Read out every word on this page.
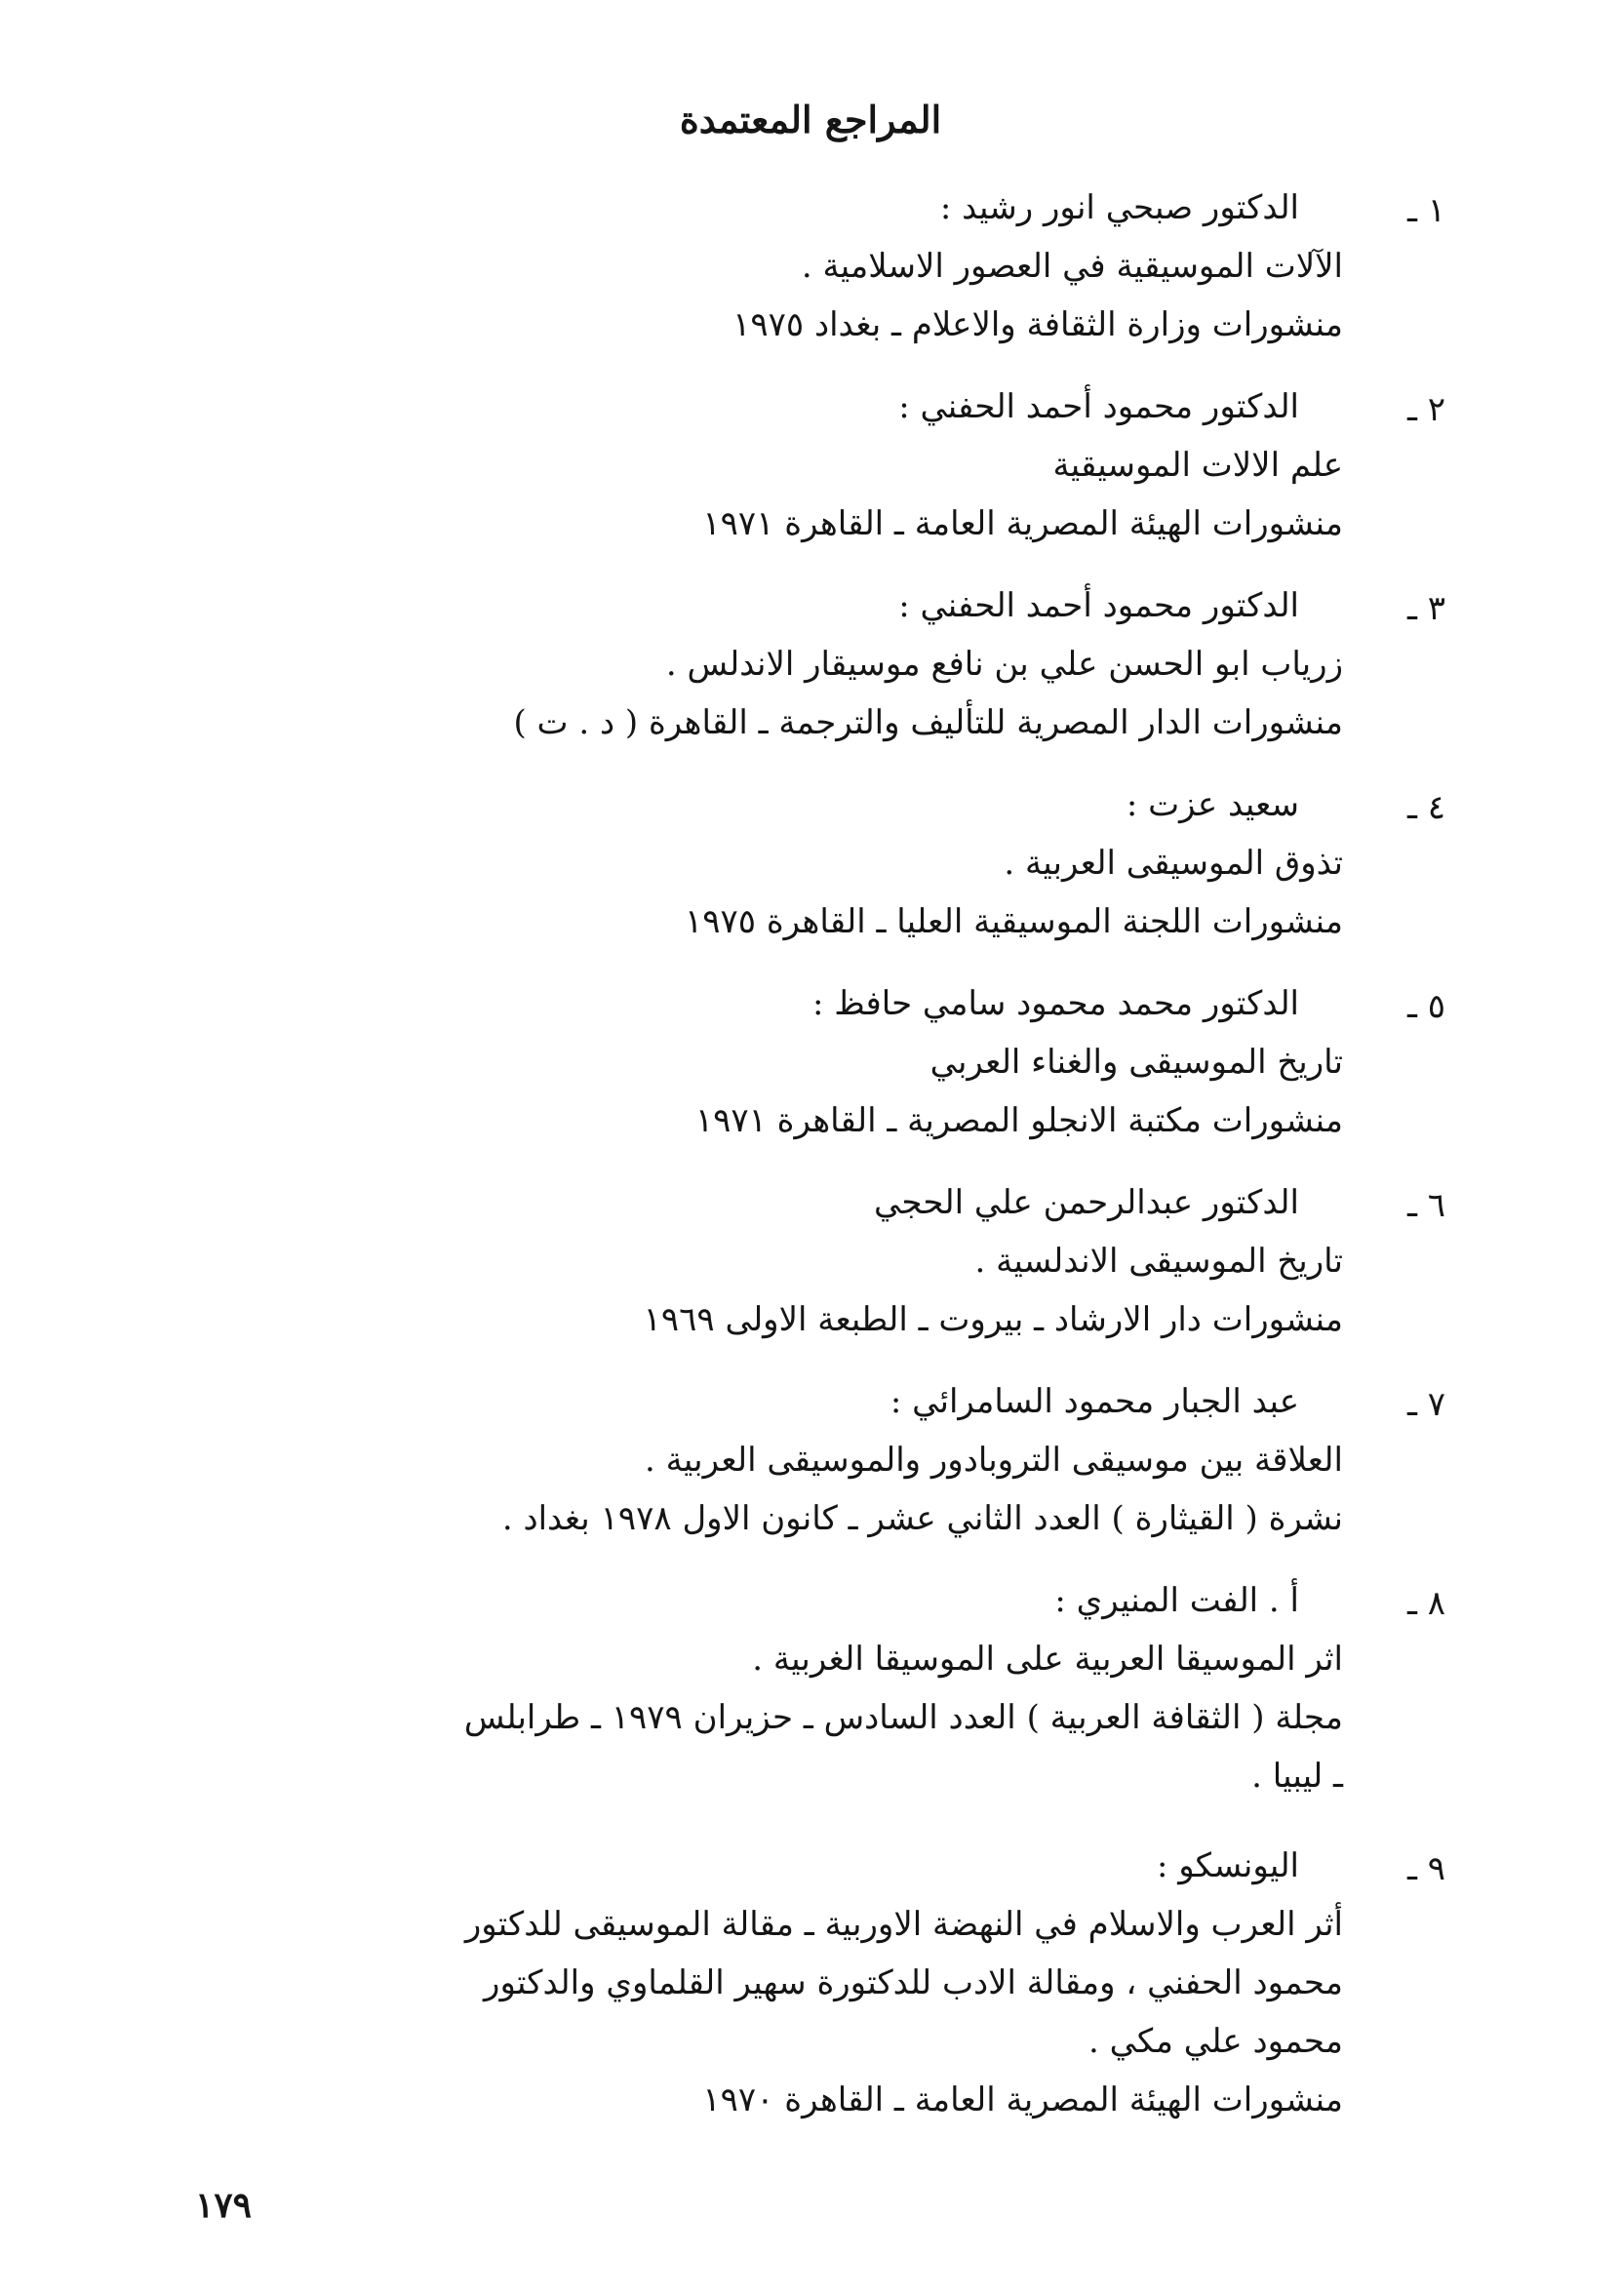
المراجع المعتمدة
١ ـ
الدكتور صبحي انور رشيد :
الآلات الموسيقية في العصور الاسلامية .
منشورات وزارة الثقافة والاعلام ـ بغداد ١٩٧٥
٢ ـ
الدكتور محمود أحمد الحفني :
علم الالات الموسيقية
منشورات الهيئة المصرية العامة ـ القاهرة ١٩٧١
٣ ـ
الدكتور محمود أحمد الحفني :
زرياب ابو الحسن علي بن نافع موسيقار الاندلس .
منشورات الدار المصرية للتأليف والترجمة ـ القاهرة ( د . ت )
٤ ـ
سعيد عزت :
تذوق الموسيقى العربية .
منشورات اللجنة الموسيقية العليا ـ القاهرة ١٩٧٥
٥ ـ
الدكتور محمد محمود سامي حافظ :
تاريخ الموسيقى والغناء العربي
منشورات مكتبة الانجلو المصرية ـ القاهرة ١٩٧١
٦ ـ
الدكتور عبدالرحمن علي الحجي
تاريخ الموسيقى الاندلسية .
منشورات دار الارشاد ـ بيروت ـ الطبعة الاولى ١٩٦٩
٧ ـ
عبد الجبار محمود السامرائي :
العلاقة بين موسيقى التروبادور والموسيقى العربية .
نشرة ( القيثارة ) العدد الثاني عشر ـ كانون الاول ١٩٧٨ بغداد .
٨ ـ
أ . الفت المنيري :
اثر الموسيقا العربية على الموسيقا الغربية .
مجلة ( الثقافة العربية ) العدد السادس ـ حزيران ١٩٧٩ ـ طرابلس
ـ ليبيا .
٩ ـ
اليونسكو :
أثر العرب والاسلام في النهضة الاوربية ـ مقالة الموسيقى للدكتور
محمود الحفني ، ومقالة الادب للدكتورة سهير القلماوي والدكتور
محمود علي مكي .
منشورات الهيئة المصرية العامة ـ القاهرة ١٩٧٠
١٧٩
